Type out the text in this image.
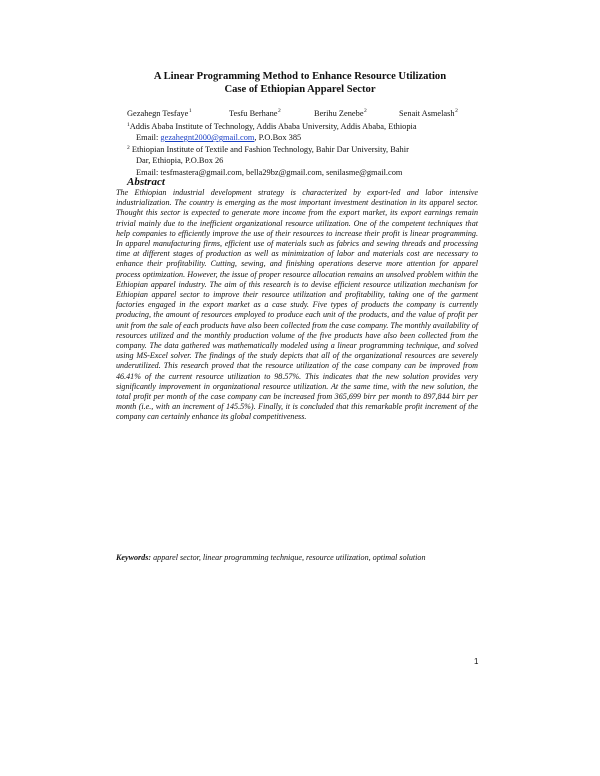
A Linear Programming Method to Enhance Resource Utilization
Case of Ethiopian Apparel Sector
Gezahegn Tesfaye$^1$	Tesfu Berhane$^2$	Berihu Zenebe$^2$	Senait Asmelash$^2$
$^1$Addis Ababa Institute of Technology, Addis Ababa University, Addis Ababa, Ethiopia
Email: gezahegnt2000@gmail.com, P.O.Box 385
$^2$ Ethiopian Institute of Textile and Fashion Technology, Bahir Dar University, Bahir
Dar, Ethiopia, P.O.Box 26
Email: tesfmastera@gmail.com, bella29bz@gmail.com, senilasme@gmail.com
Abstract
The Ethiopian industrial development strategy is characterized by export-led and labor intensive industrialization. The country is emerging as the most important investment destination in its apparel sector. Thought this sector is expected to generate more income from the export market, its export earnings remain trivial mainly due to the inefficient organizational resource utilization. One of the competent techniques that help companies to efficiently improve the use of their resources to increase their profit is linear programming. In apparel manufacturing firms, efficient use of materials such as fabrics and sewing threads and processing time at different stages of production as well as minimization of labor and materials cost are necessary to enhance their profitability. Cutting, sewing, and finishing operations deserve more attention for apparel process optimization. However, the issue of proper resource allocation remains an unsolved problem within the Ethiopian apparel industry. The aim of this research is to devise efficient resource utilization mechanism for Ethiopian apparel sector to improve their resource utilization and profitability, taking one of the garment factories engaged in the export market as a case study. Five types of products the company is currently producing, the amount of resources employed to produce each unit of the products, and the value of profit per unit from the sale of each products have also been collected from the case company. The monthly availability of resources utilized and the monthly production volume of the five products have also been collected from the company. The data gathered was mathematically modeled using a linear programming technique, and solved using MS-Excel solver. The findings of the study depicts that all of the organizational resources are severely underutilized. This research proved that the resource utilization of the case company can be improved from 46.41% of the current resource utilization to 98.57%. This indicates that the new solution provides very significantly improvement in organizational resource utilization. At the same time, with the new solution, the total profit per month of the case company can be increased from 365,699 birr per month to 897,844 birr per month (i.e., with an increment of 145.5%). Finally, it is concluded that this remarkable profit increment of the company can certainly enhance its global competitiveness.
Keywords: apparel sector, linear programming technique, resource utilization, optimal solution
1
